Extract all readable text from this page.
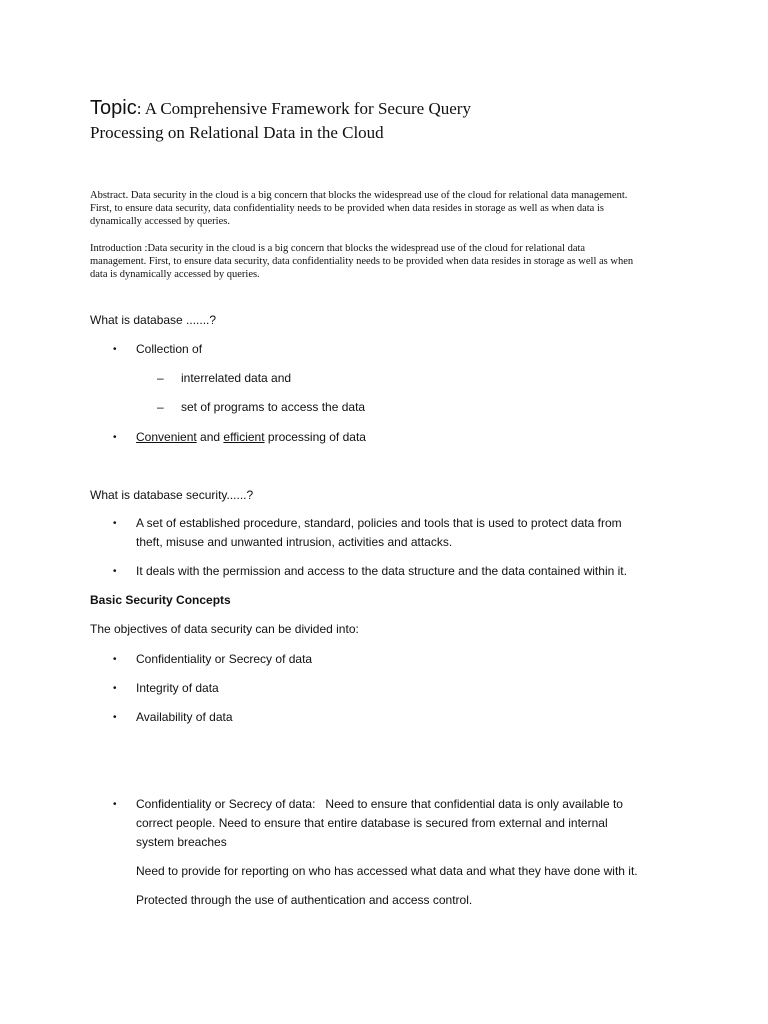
Topic: A Comprehensive Framework for Secure Query
Processing on Relational Data in the Cloud
Abstract. Data security in the cloud is a big concern that blocks the widespread use of the cloud for relational data management.
First, to ensure data security, data confidentiality needs to be provided when data resides in storage as well as when data is
dynamically accessed by queries.
Introduction :Data security in the cloud is a big concern that blocks the widespread use of the cloud for relational data
management. First, to ensure data security, data confidentiality needs to be provided when data resides in storage as well as when
data is dynamically accessed by queries.
What is database .......?
• Collection of
– interrelated data and
– set of programs to access the data
• Convenient and efficient processing of data
What is database security......?
• A set of established procedure, standard, policies and tools that is used to protect data from
theft, misuse and unwanted intrusion, activities and attacks.
• It deals with the permission and access to the data structure and the data contained within it.
Basic Security Concepts
The objectives of data security can be divided into:
• Confidentiality or Secrecy of data
• Integrity of data
• Availability of data
• Confidentiality or Secrecy of data:   Need to ensure that confidential data is only available to
correct people. Need to ensure that entire database is secured from external and internal
system breaches
Need to provide for reporting on who has accessed what data and what they have done with it.
Protected through the use of authentication and access control.
